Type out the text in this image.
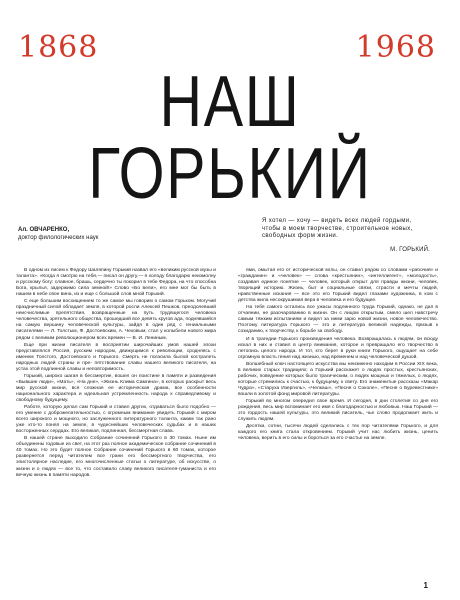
1868	1968
НАШ
ГОРЬКИЙ
Ал. ОВЧАРЕНКО,
доктор филологических наук
Я хотел — хочу — видеть всех людей гордыми, чтобы в моем творчестве, строительное новых, свободных форм жизни.
М. ГОРЬКИЙ.

В одном из писем к Федору Шаляпину Горький назвал его «великим русской музы и таланта». «Когда я смотрю на тебя,— писал он другу,— я холоду благодарю неизмолну и русскому богу: славное, брашь, сердечно ты покорил в тебе Федора, на что способна Бога, крылья, задержимо сила земной!» Слово «Бо вели», его мне мог бы быть в нашем в небе свое вина, из и еще с большой слов мной Горький.

С еще большим восхищением то же самое мы говорим о самом Горьком. Могучий праздничный силой обладает земля, в которой росли Алексей Пешков, преодолевший неисчислимые препятствия, возвращенные на путь трудящегося человека человечества, зрятельного общества, прошедший все девять кругов ада, поднявшийся на самую вершину человеческой культуры, зайдя в один ряд с гениальными писателями — Л. Толстым, Ф. Достоевским, А. Чеховым, стал у колыбели нового мира рядом с великим революционером всех времен — В. И. Лениным.

Еще при жизни писателя в восприятии широчайших умов нашей эпохи представлялся Россия, русским народом, движущимся к революции, сродняясь с именем Толстого, Достоевского и Горького. Смерть не погасила былой костралеть народных людей страны и пре- пятствование славы нашего великого писателя, на устах этой подлинной славы и неповторимость.

Горький, широко шагая в бессмертие, вошел он поистине в памяти и разведения «Бывшие люди», «Мать», «На дне», «Жизнь Клима Самгина», в которых раскрыт весь мир русской жизни, вся сложная ее историческая драма, все особенности национального характера и идеальная устремленность народа к справедливому и свободному будущему.

Работе, которую делал сам Горький и ставил других, отдаваться было подобно — его умение с доброжелательностью, с огромным внимание увидеть Горький с миром всего широкого и мощного, но заслуженного литературного таланта, каким так рано уже кто-то понял на земле, в чудеснейших человеческих судьбах и в наших восторженных сердцах. Его великая, подлинная, бессмертная слава.

В нашей стране выходило Собрание сочинений Горького в 30 томах. Ныне им объединены годовые из свет, на этот раз полное академическое собрание сочинений в 40 томах. Но это будет полное Собрание сочинений Горького в 60 томах, которое развернется перед читателем все грани его бессмертного творчества, его эпистолярное наследие, его многочисленные статьи о литературе, об искусстве, о жизни и о людях — все то, что составило славу великого писателя-гуманиста и его вечную жизнь в памяти народов.

ями, омытая его от исторической мглы, он ставил рядом со словами «рабочий» и «гражданин» и «человек» — слова «крестьянин», «интеллигент», «молодость», создавая единое понятие — человек, который открыт для правды жизни, человек, творящий историю. Жизнь, быт и социальные связи, страсти и мечты людей, нравственные искания — все это его Горький видел глазами художника, в ком с детства жила несокрушимая вера в человека и его будущее.

На тебя самого остались все ужасы подлинного труда Горький, однако, не дал в отчаянии, не разочарованию в жизни. Он с лицом открытым, смело шел навстречу самым тяжким испытаниям и видел за ними зарю новой жизни, новое человечество. Поэтому литература Горького — это и литература великой надежды, призыв к созиданию, к творчеству, к борьбе за свободу.

И в трагедии Горького произведения человека. Возвращалась к людям, он всюду искал в них и ставил в центр внимания, которое и превращало его творчество в летопись целого народа. И тот, кто берет в руки книги Горького, ощущает на себе огромную власть гения над жизнью, над временем и над человеческой душой.

Волшебный ключ настоящего искусства мы неизменно находим в России XIX века, в великих старых традициях; а Горький расскажет о людях простых, крестьянских, рабочих, поведение которых было трагическим, о людях мощных и тяжелых, о людях, которые стремились к счастью, к будущему, к свету. Его знаменитые рассказы «Макар Чудра», «Старуха Изергиль», «Челкаш», «Песня о Соколе», «Песня о Буревестнике» вошли в золотой фонд мировой литературы.

Горький во многом опередил свое время. И сегодня, в дни столетия со дня его рождения, весь мир вспоминает его имя с благодарностью и любовью. Наш Горький — это гордость нашей культуры, это великий писатель, чье слово продолжает жить и служить людям.

Десятки, сотни, тысячи людей сделались с тех пор читателями Горького, и для каждого его книга стала откровением. Горький учит нас любить жизнь, ценить человека, верить в его силы и бороться за его счастье на земле.

1
